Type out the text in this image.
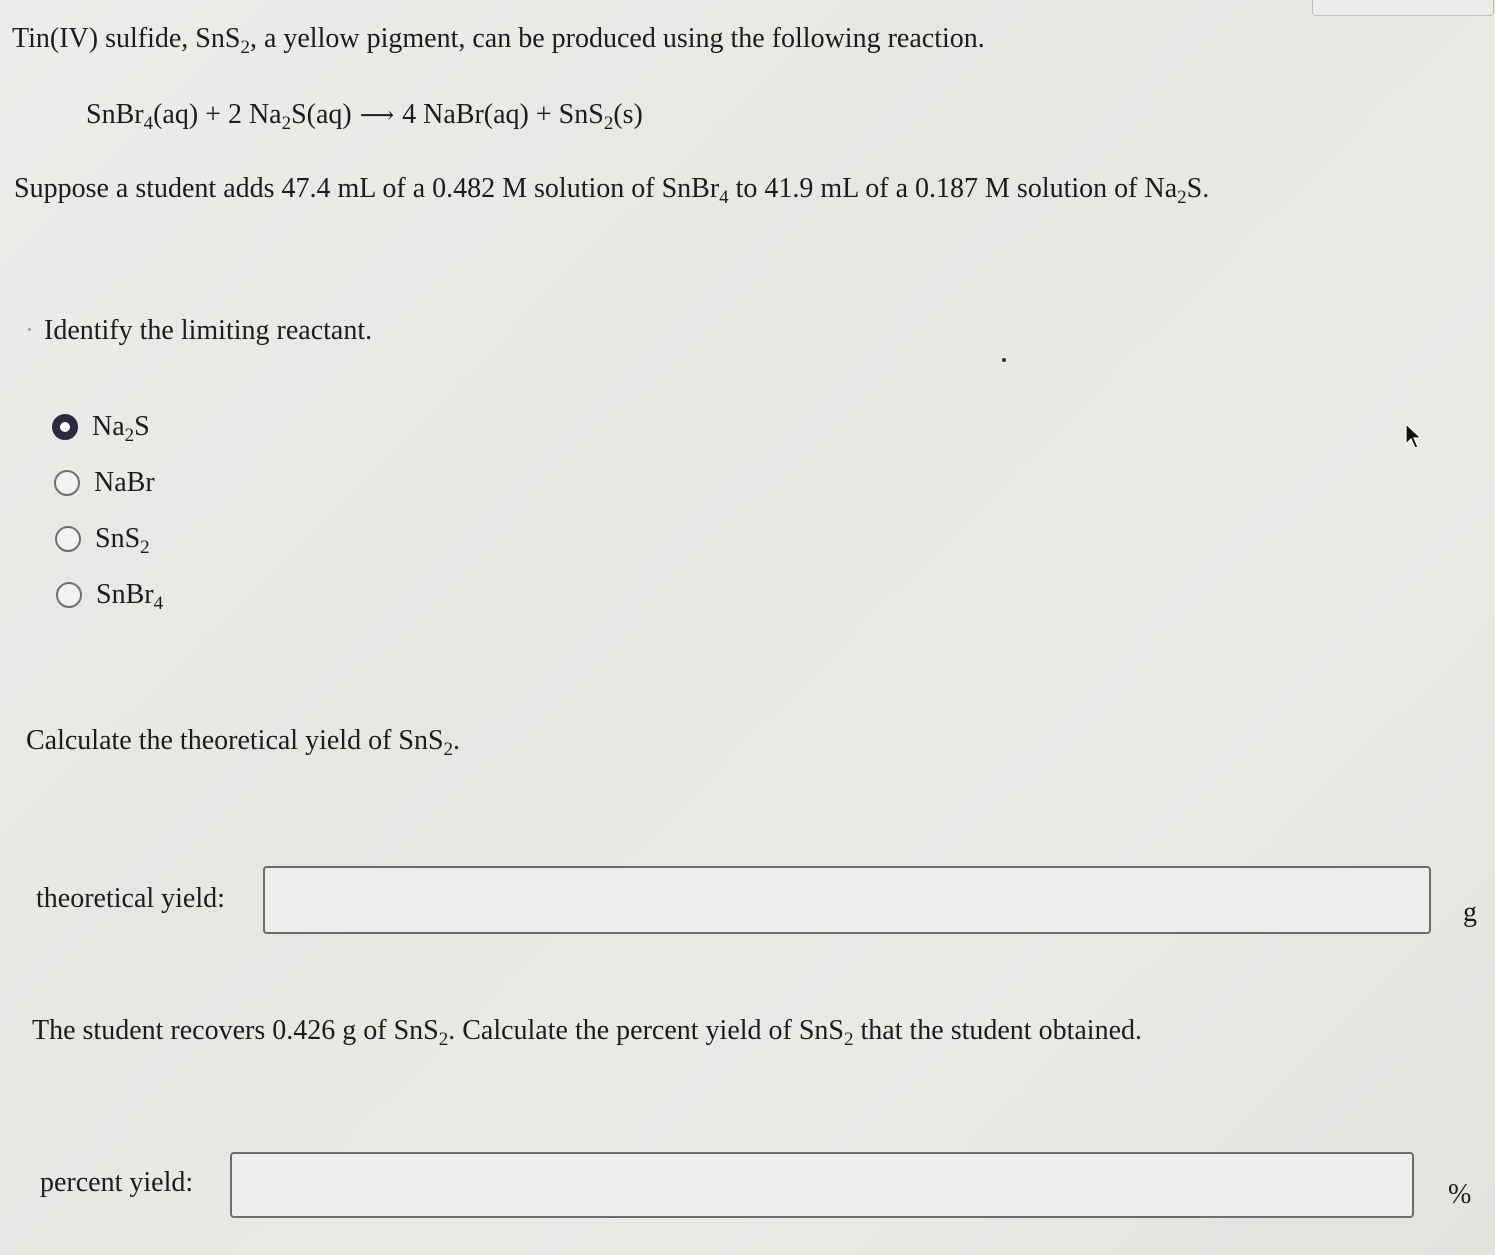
Tin(IV) sulfide, SnS$_2$, a yellow pigment, can be produced using the following reaction.
SnBr$_4$(aq) + 2 $Na_2S(aq)$ ⟶ 4 NaBr(aq) + SnS$_2$(s)
Suppose a student adds 47.4 mL of a 0.482 M solution of SnBr$_4$ to 41.9 mL of a 0.187 M solution of $Na_2S$.
Identify the limiting reactant.
$Na_2S$
NaBr
SnS$_2$
SnBr$_4$
Calculate the theoretical yield of SnS$_2$.
theoretical yield:	g
The student recovers 0.426 g of SnS$_2$. Calculate the percent yield of SnS$_2$ that the student obtained.
percent yield:	%
